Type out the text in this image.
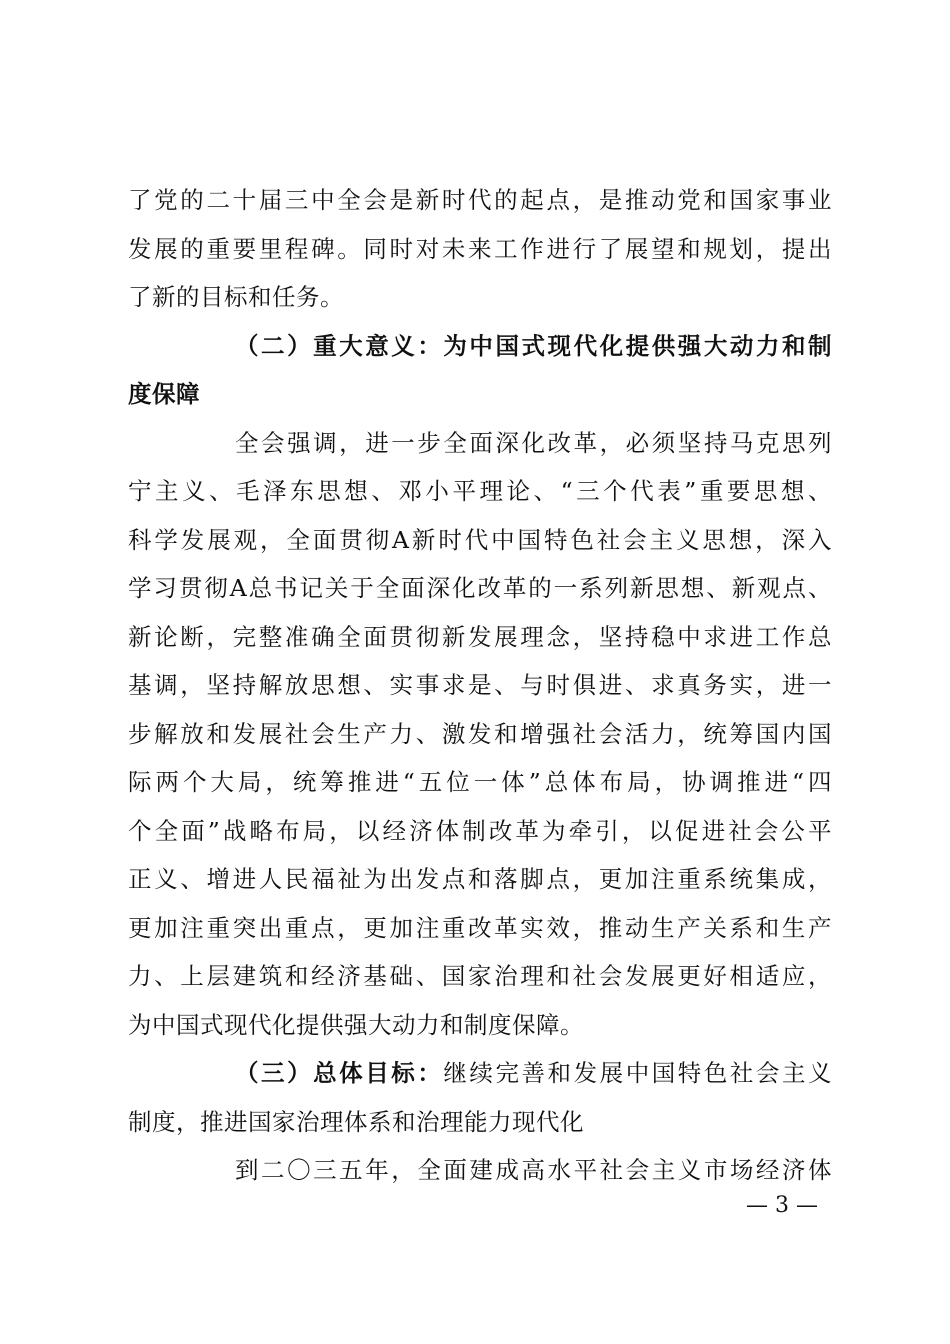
了党的二十届三中全会是新时代的起点，是推动党和国家事业
发展的重要里程碑。同时对未来工作进行了展望和规划，提出
了新的目标和任务。
（二）重大意义：为中国式现代化提供强大动力和制
度保障
全会强调，进一步全面深化改革，必须坚持马克思列
宁主义、毛泽东思想、邓小平理论、“三个代表”重要思想、
科学发展观，全面贯彻A新时代中国特色社会主义思想，深入
学习贯彻A总书记关于全面深化改革的一系列新思想、新观点、
新论断，完整准确全面贯彻新发展理念，坚持稳中求进工作总
基调，坚持解放思想、实事求是、与时俱进、求真务实，进一
步解放和发展社会生产力、激发和增强社会活力，统筹国内国
际两个大局，统筹推进“五位一体”总体布局，协调推进“四
个全面”战略布局，以经济体制改革为牵引，以促进社会公平
正义、增进人民福祉为出发点和落脚点，更加注重系统集成，
更加注重突出重点，更加注重改革实效，推动生产关系和生产
力、上层建筑和经济基础、国家治理和社会发展更好相适应，
为中国式现代化提供强大动力和制度保障。
（三）总体目标：继续完善和发展中国特色社会主义
制度，推进国家治理体系和治理能力现代化
到二〇三五年，全面建成高水平社会主义市场经济体
— 3 —
